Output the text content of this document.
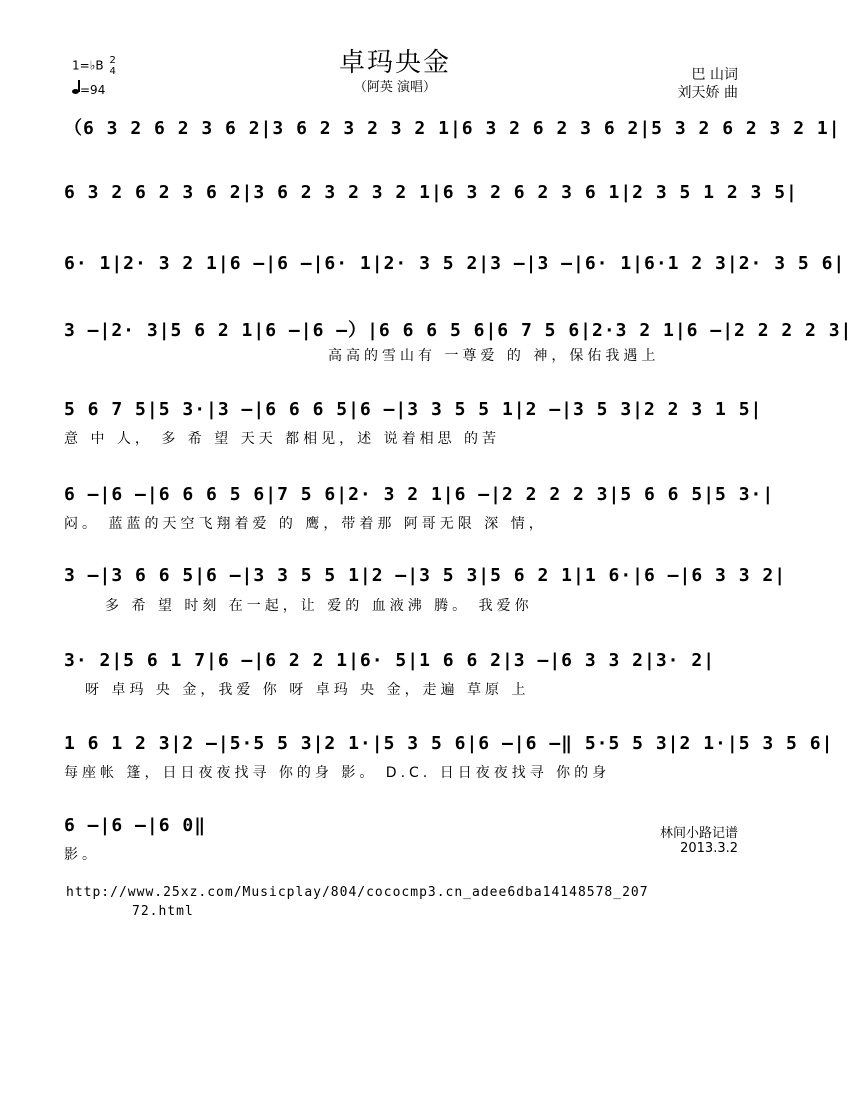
1=♭B 2
4
=94
卓玛央金
（阿英 演唱）
巴 山词
刘天娇 曲
（6 3 2 6 2 3 6 2|3 6 2 3 2 3 2 1|6 3 2 6 2 3 6 2|5 3 2 6 2 3 2 1|
6 3 2 6 2 3 6 2|3 6 2 3 2 3 2 1|6 3 2 6 2 3 6 1|2 3 5 1 2 3 5|
6· 1|2· 3 2 1|6 –|6 –|6· 1|2· 3 5 2|3 –|3 –|6· 1|6·1 2 3|2· 3 5 6|
3 –|2· 3|5 6 2 1|6 –|6 –）|6 6 6 5 6|6 7 5 6|2·3 2 1|6 –|2 2 2 2 3|
高高的雪山有 一尊爱 的 神，保佑我遇上
5 6 7 5|5 3·|3 –|6 6 6 5|6 –|3 3 5 5 1|2 –|3 5 3|2 2 3 1 5|
意 中 人， 多 希 望 天天 都相见，述 说着相思 的苦
6 –|6 –|6 6 6 5 6|7 5 6|2· 3 2 1|6 –|2 2 2 2 3|5 6 6 5|5 3·|
闷。 蓝蓝的天空飞翔着爱 的 鹰，带着那 阿哥无限 深 情，
3 –|3 6 6 5|6 –|3 3 5 5 1|2 –|3 5 3|5 6 2 1|1 6·|6 –|6 3 3 2|
多 希 望 时刻 在一起，让 爱的 血液沸 腾。 我爱你
3· 2|5 6 1 7|6 –|6 2 2 1|6· 5|1 6 6 2|3 –|6 3 3 2|3· 2|
呀 卓玛 央 金，我爱 你 呀 卓玛 央 金，走遍 草原 上
1 6 1 2 3|2 –|5·5 5 3|2 1·|5 3 5 6|6 –|6 –‖ 5·5 5 3|2 1·|5 3 5 6|
每座帐 篷，日日夜夜找寻 你的身 影。 D.C. 日日夜夜找寻 你的身
6 –|6 –|6 0‖
影。
林间小路记谱
2013.3.2
http://www.25xz.com/Musicplay/804/cococmp3.cn_adee6dba14148578_207
72.html
